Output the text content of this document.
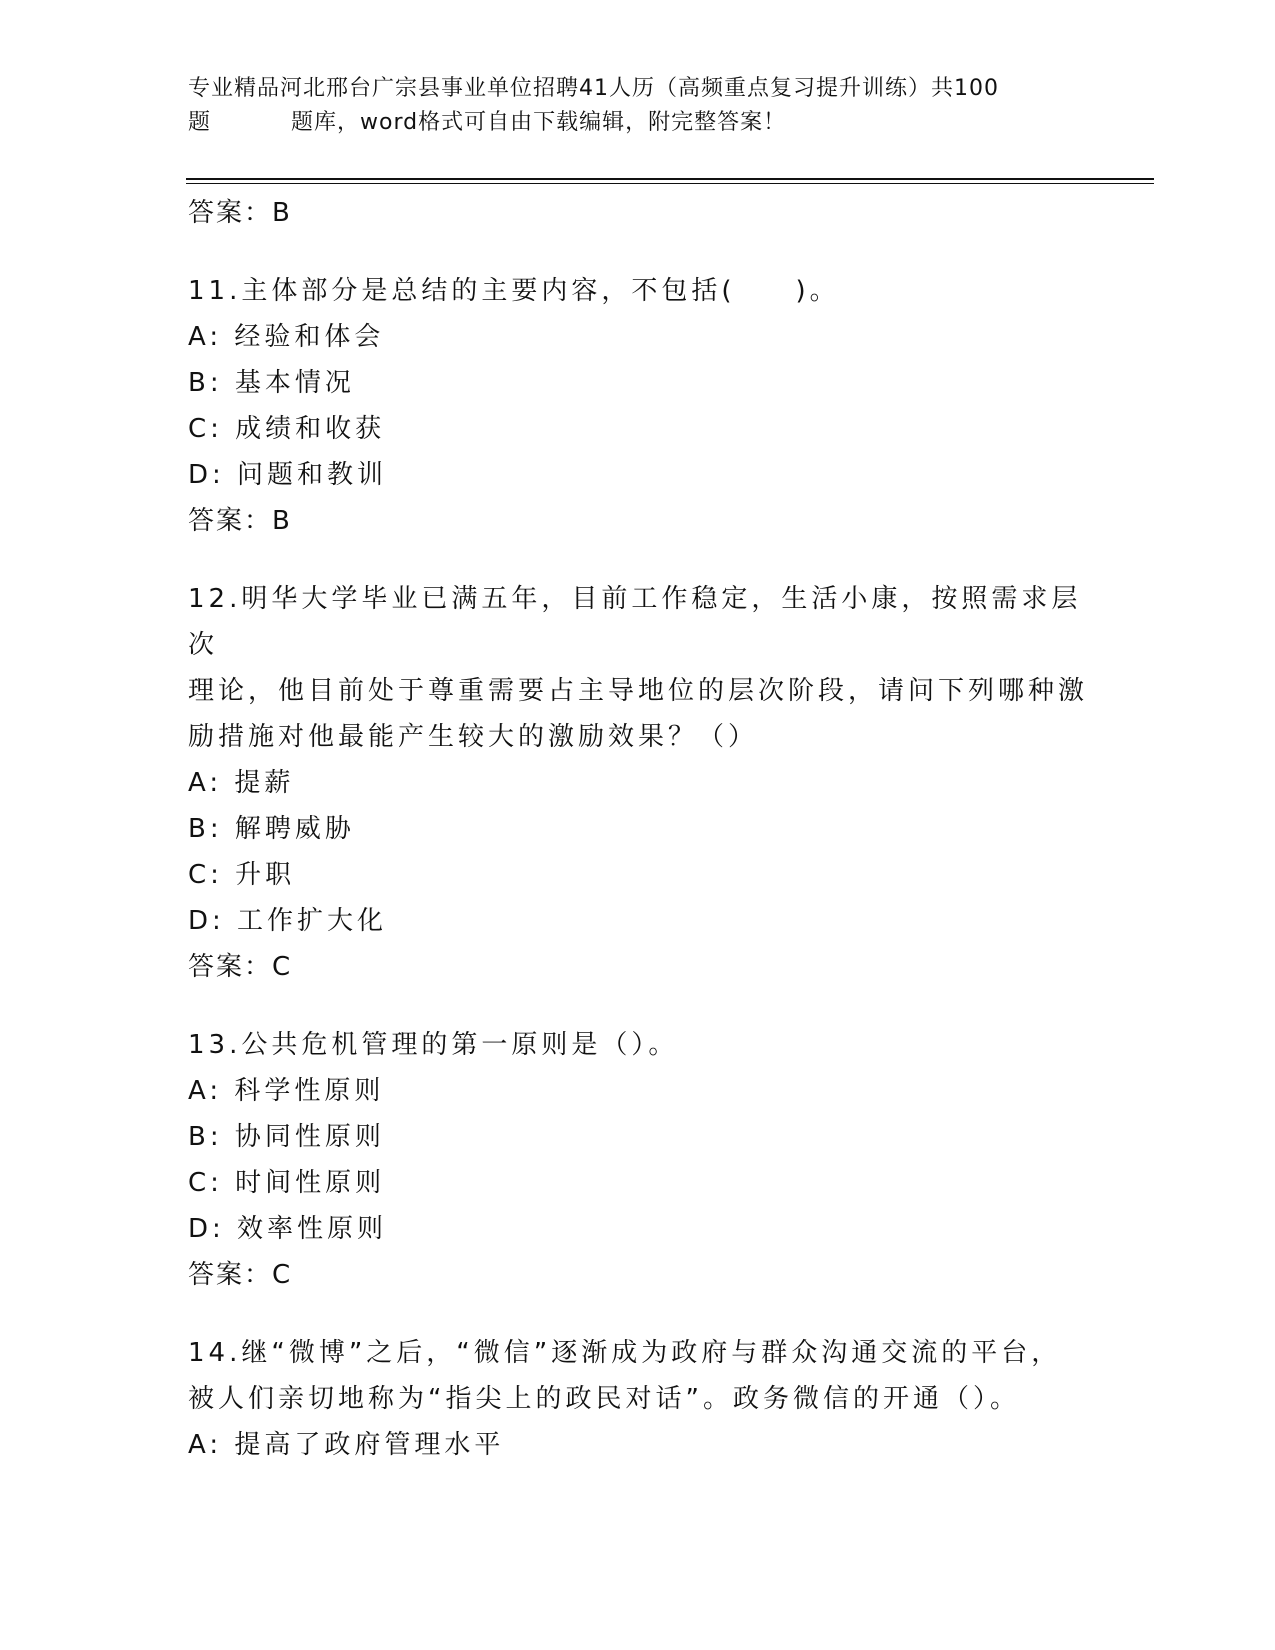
专业精品河北邢台广宗县事业单位招聘41人历（高频重点复习提升训练）共100
题	题库，word格式可自由下载编辑，附完整答案！
答案：B
11.主体部分是总结的主要内容，不包括(　　)。
A: 经验和体会
B: 基本情况
C: 成绩和收获
D: 问题和教训
答案：B
12.明华大学毕业已满五年，目前工作稳定，生活小康，按照需求层次
理论，他目前处于尊重需要占主导地位的层次阶段，请问下列哪种激
励措施对他最能产生较大的激励效果？（）
A: 提薪
B: 解聘威胁
C: 升职
D: 工作扩大化
答案：C
13.公共危机管理的第一原则是（）。
A: 科学性原则
B: 协同性原则
C: 时间性原则
D: 效率性原则
答案：C
14.继“微博”之后，“微信”逐渐成为政府与群众沟通交流的平台，
被人们亲切地称为“指尖上的政民对话”。政务微信的开通（）。
A: 提高了政府管理水平
